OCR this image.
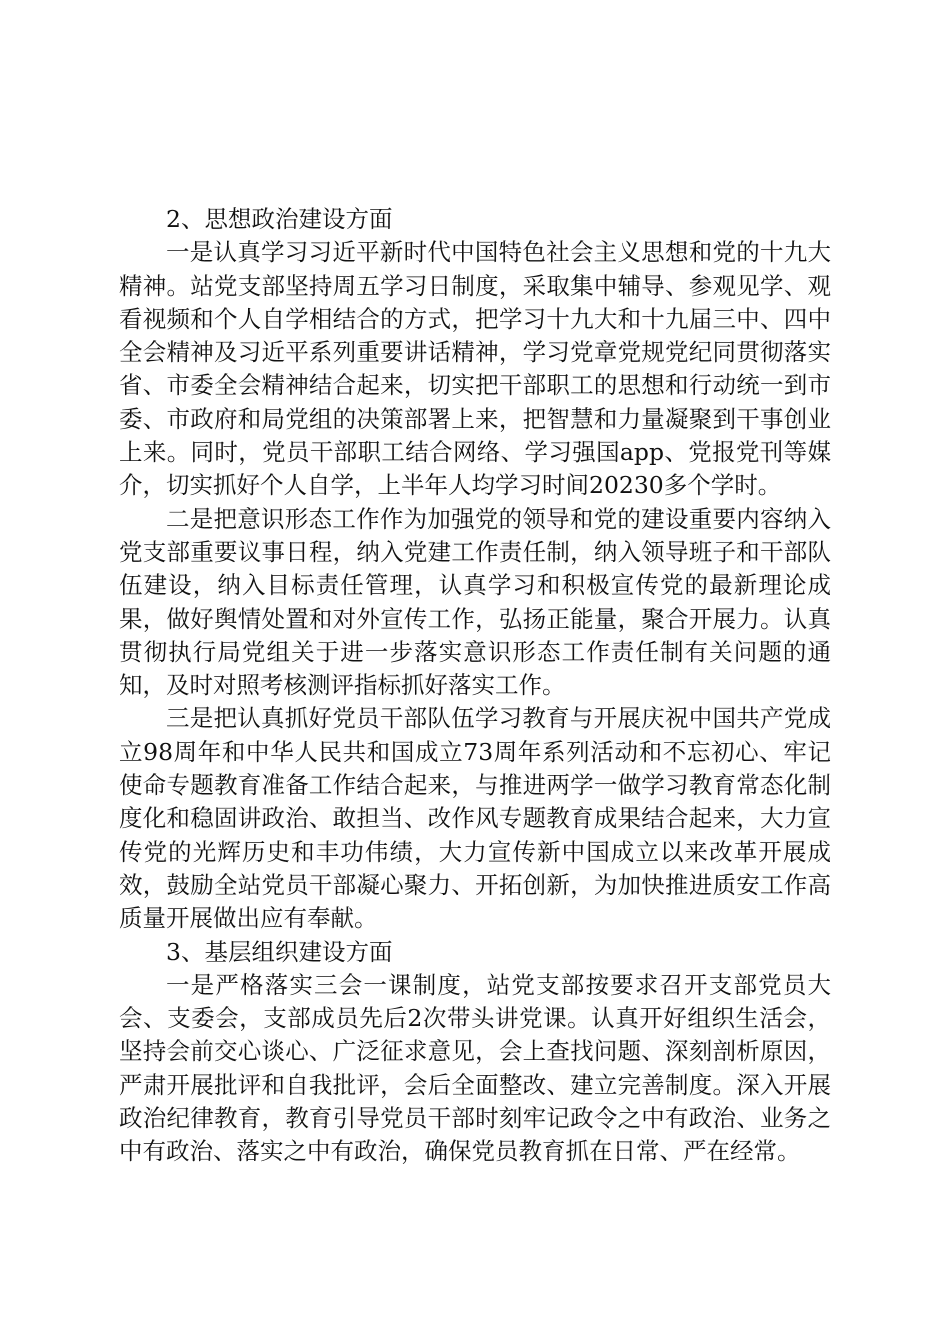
2、思想政治建设方面

一是认真学习习近平新时代中国特色社会主义思想和党的十九大精神。站党支部坚持周五学习日制度，采取集中辅导、参观见学、观看视频和个人自学相结合的方式，把学习十九大和十九届三中、四中全会精神及习近平系列重要讲话精神，学习党章党规党纪同贯彻落实省、市委全会精神结合起来，切实把干部职工的思想和行动统一到市委、市政府和局党组的决策部署上来，把智慧和力量凝聚到干事创业上来。同时，党员干部职工结合网络、学习强国app、党报党刊等媒介，切实抓好个人自学，上半年人均学习时间20230多个学时。

二是把意识形态工作作为加强党的领导和党的建设重要内容纳入党支部重要议事日程，纳入党建工作责任制，纳入领导班子和干部队伍建设，纳入目标责任管理，认真学习和积极宣传党的最新理论成果，做好舆情处置和对外宣传工作，弘扬正能量，聚合开展力。认真贯彻执行局党组关于进一步落实意识形态工作责任制有关问题的通知，及时对照考核测评指标抓好落实工作。

三是把认真抓好党员干部队伍学习教育与开展庆祝中国共产党成立98周年和中华人民共和国成立73周年系列活动和不忘初心、牢记使命专题教育准备工作结合起来，与推进两学一做学习教育常态化制度化和稳固讲政治、敢担当、改作风专题教育成果结合起来，大力宣传党的光辉历史和丰功伟绩，大力宣传新中国成立以来改革开展成效，鼓励全站党员干部凝心聚力、开拓创新，为加快推进质安工作高质量开展做出应有奉献。

3、基层组织建设方面

一是严格落实三会一课制度，站党支部按要求召开支部党员大会、支委会，支部成员先后2次带头讲党课。认真开好组织生活会，坚持会前交心谈心、广泛征求意见，会上查找问题、深刻剖析原因，严肃开展批评和自我批评，会后全面整改、建立完善制度。深入开展政治纪律教育，教育引导党员干部时刻牢记政令之中有政治、业务之中有政治、落实之中有政治，确保党员教育抓在日常、严在经常。
